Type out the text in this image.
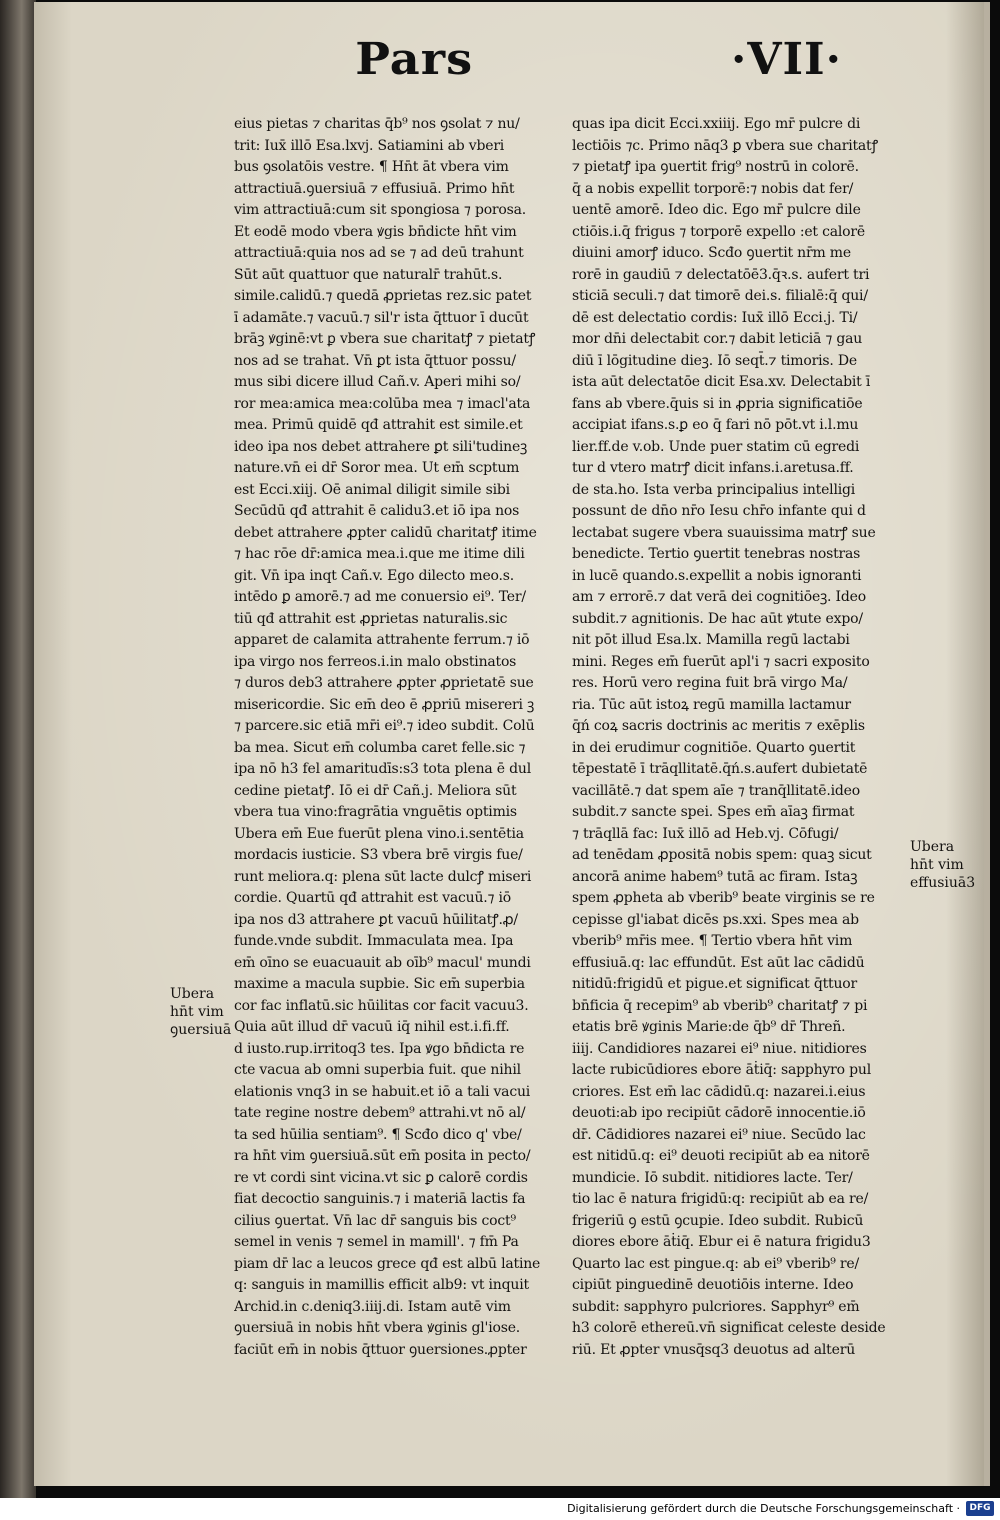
Pars	·VII·
eius pietas ⁊ charitas q̄b⁹ nos ꝯsolat ⁊ nu/
trit: Iux̄ illō Esa.lxvj. Satiamini ab vberi
bus ꝯsolatōis vestre. ¶ Hn̄t āt vbera vim
attractiuā.ꝯuersiuā ⁊ effusiuā. Primo hn̄t
vim attractiuā:cum sit spongiosa ⁊ porosa.
Et eodē modo vbera ꝟgis bn̄dicte hn̄t vim
attractiuā:quia nos ad se ⁊ ad deū trahunt
Sūt aūt quattuor que naturalr̄ trahūt.s.
simile.calidū.⁊ quedā ꝓprietas rez.sic patet
ī adamāte.⁊ vacuū.⁊ sil'r ista q̄ttuor ī ducūt
brāꝫ ꝟginē:vt ꝑ vbera sue charitatꝭ ⁊ pietatꝭ
nos ad se trahat. Vn̄ ꝑt ista q̄ttuor possu/
mus sibi dicere illud Cañ.v. Aperi mihi so/
ror mea:amica mea:colūba mea ⁊ imacl'ata
mea. Primū quidē qđ attrahit est simile.et
ideo ipa nos debet attrahere ꝑt sili'tudineꝫ
nature.vn̄ ei dr̄ Soror mea. Ut em̄ scptum
est Ecci.xiij. Oē animal diligit simile sibi
Secūdū qđ attrahit ē calidu3.et iō ipa nos
debet attrahere ꝓpter calidū charitatꝭ itime
⁊ hac rōe dr̄:amica mea.i.que me itime dili
git. Vn̄ ipa inqt Cañ.v. Ego dilecto meo.s.
intēdo ꝑ amorē.⁊ ad me conuersio ei⁹. Ter/
tiū qđ attrahit est ꝓprietas naturalis.sic
apparet de calamita attrahente ferrum.⁊ iō
ipa virgo nos ferreos.i.in malo obstinatos
⁊ duros deb3 attrahere ꝓpter ꝓprietatē sue
misericordie. Sic em̄ deo ē ꝓpriū misereri ꝫ
⁊ parcere.sic etiā mr̄i ei⁹.⁊ ideo subdit. Colū
ba mea. Sicut em̄ columba caret felle.sic ⁊
ipa nō h3 fel amaritudīs:s3 tota plena ē dul
cedine pietatꝭ. Iō ei dr̄ Cañ.j. Meliora sūt
vbera tua vino:fragrātia vnguētis optimis
Ubera em̄ Eue fuerūt plena vino.i.sentētia
mordacis iusticie. S3 vbera brē virgis fue/
runt meliora.q: plena sūt lacte dulcꝭ miseri
cordie. Quartū qđ attrahit est vacuū.⁊ iō
ipa nos d3 attrahere ꝑt vacuū hūilitatꝭ.ꝓ/
funde.vnde subdit. Immaculata mea. Ipa
em̄ oīno se euacuauit ab oīb⁹ macul' mundi
maxime a macula supbie. Sic em̄ superbia
cor fac inflatū.sic hūilitas cor facit vacuu3.
Quia aūt illud dr̄ vacuū iq̄ nihil est.i.fi.ff.
d iusto.rup.irritoq3 tes. Ipa ꝟgo bn̄dicta re
cte vacua ab omni superbia fuit. que nihil
elationis vnq3 in se habuit.et iō a tali vacui
tate regine nostre debem⁹ attrahi.vt nō al/
ta sed hūilia sentiam⁹. ¶ Scđo dico q' vbe/
ra hn̄t vim ꝯuersiuā.sūt em̄ posita in pecto/
re vt cordi sint vicina.vt sic ꝑ calorē cordis
fiat decoctio sanguinis.⁊ i materiā lactis fa
cilius ꝯuertat. Vn̄ lac dr̄ sanguis bis coct⁹
semel in venis ⁊ semel in mamill'. ⁊ fm̄ Pa
piam dr̄ lac a leucos grece qđ est albū latine
q: sanguis in mamillis efficit alb9: vt inquit
Archid.in c.deniq3.iiij.di. Istam autē vim
ꝯuersiuā in nobis hn̄t vbera ꝟginis gl'iose.
faciūt em̄ in nobis q̄ttuor ꝯuersiones.ꝓpter
quas ipa dicit Ecci.xxiiij. Ego mr̄ pulcre di
lectiōis ⁊c. Primo nāq3 ꝑ vbera sue charitatꝭ
⁊ pietatꝭ ipa ꝯuertit frig⁹ nostrū in colorē.
q̄ a nobis expellit torporē:⁊ nobis dat fer/
uentē amorē. Ideo dic. Ego mr̄ pulcre dile
ctiōis.i.q̄ frigus ⁊ torporē expello :et calorē
diuini amorꝭ iduco. Scđo ꝯuertit nr̄m me
rorē in gaudiū ⁊ delectatōē3.q̄ꝛ.s. aufert tri
sticiā seculi.⁊ dat timorē dei.s. filialē:q̄ qui/
dē est delectatio cordis: Iux̄ illō Ecci.j. Ti/
mor dn̄i delectabit cor.⁊ dabit leticiā ⁊ gau
diū ī lōgitudine dieꝫ. Iō seqt̄.⁊ timoris. De
ista aūt delectatōe dicit Esa.xv. Delectabit ī
fans ab vbere.q̄uis si in ꝓpria significatiōe
accipiat ifans.s.ꝑ eo q̄ fari nō pōt.vt i.l.mu
lier.ff.de v.ob. Unde puer statim cū egredi
tur d vtero matrꝭ dicit infans.i.aretusa.ff.
de sta.ho. Ista verba principalius intelligi
possunt de dn̄o nr̄o Iesu chr̄o infante qui d
lectabat sugere vbera suauissima matrꝭ sue
benedicte. Tertio ꝯuertit tenebras nostras
in lucē quando.s.expellit a nobis ignoranti
am ⁊ errorē.⁊ dat verā dei cognitiōeꝫ. Ideo
subdit.⁊ agnitionis. De hac aūt ꝟtute expo/
nit pōt illud Esa.lx. Mamilla regū lactabi
mini. Reges em̄ fuerūt apl'i ⁊ sacri exposito
res. Horū vero regina fuit brā virgo Ma/
ria. Tūc aūt istoꝝ regū mamilla lactamur
q̄ń coꝝ sacris doctrinis ac meritis ⁊ exēplis
in dei erudimur cognitiōe. Quarto ꝯuertit
tēpestatē ī trāqllitatē.q̄ń.s.aufert dubietatē
vacillātē.⁊ dat spem aīe ⁊ tranq̄llitatē.ideo
subdit.⁊ sancte spei. Spes em̄ aīaꝫ firmat
⁊ trāqllā fac: Iux̄ illō ad Heb.vj. Cōfugi/
ad tenēdam ꝓpositā nobis spem: quaꝫ sicut
ancorā anime habem⁹ tutā ac firam. Istaꝫ
spem ꝓpheta ab vberib⁹ beate virginis se re
cepisse gl'iabat dicēs ps.xxi. Spes mea ab
vberib⁹ mr̄is mee. ¶ Tertio vbera hn̄t vim
effusiuā.q: lac effundūt. Est aūt lac cādidū
nitidū:frigidū et pigue.et significat q̄ttuor
bn̄ficia q̄ recepim⁹ ab vberib⁹ charitatꝭ ⁊ pi
etatis brē ꝟginis Marie:de q̄b⁹ dr̄ Threñ.
iiij. Candidiores nazarei ei⁹ niue. nitidiores
lacte rubicūdiores ebore āṫiq̄: sapphyro pul
criores. Est em̄ lac cādidū.q: nazarei.i.eius
deuoti:ab ipo recipiūt cādorē innocentie.iō
dr̄. Cādidiores nazarei ei⁹ niue. Secūdo lac
est nitidū.q: ei⁹ deuoti recipiūt ab ea nitorē
mundicie. Iō subdit. nitidiores lacte. Ter/
tio lac ē natura frigidū:q: recipiūt ab ea re/
frigeriū ꝯ estū ꝯcupie. Ideo subdit. Rubicū
diores ebore āṫiq̄. Ebur ei ē natura frigidu3
Quarto lac est pingue.q: ab ei⁹ vberib⁹ re/
cipiūt pinguedinē deuotiōis interne. Ideo
subdit: sapphyro pulcriores. Sapphyr⁹ em̄
h3 colorē ethereū.vn̄ significat celeste deside
riū. Et ꝓpter vnusq̄sq3 deuotus ad alterū
Ubera
hn̄t vim
ꝯuersiuā
Ubera
hn̄t vim
effusiuā3
Digitalisierung gefördert durch die Deutsche Forschungsgemeinschaft ·	DFG
